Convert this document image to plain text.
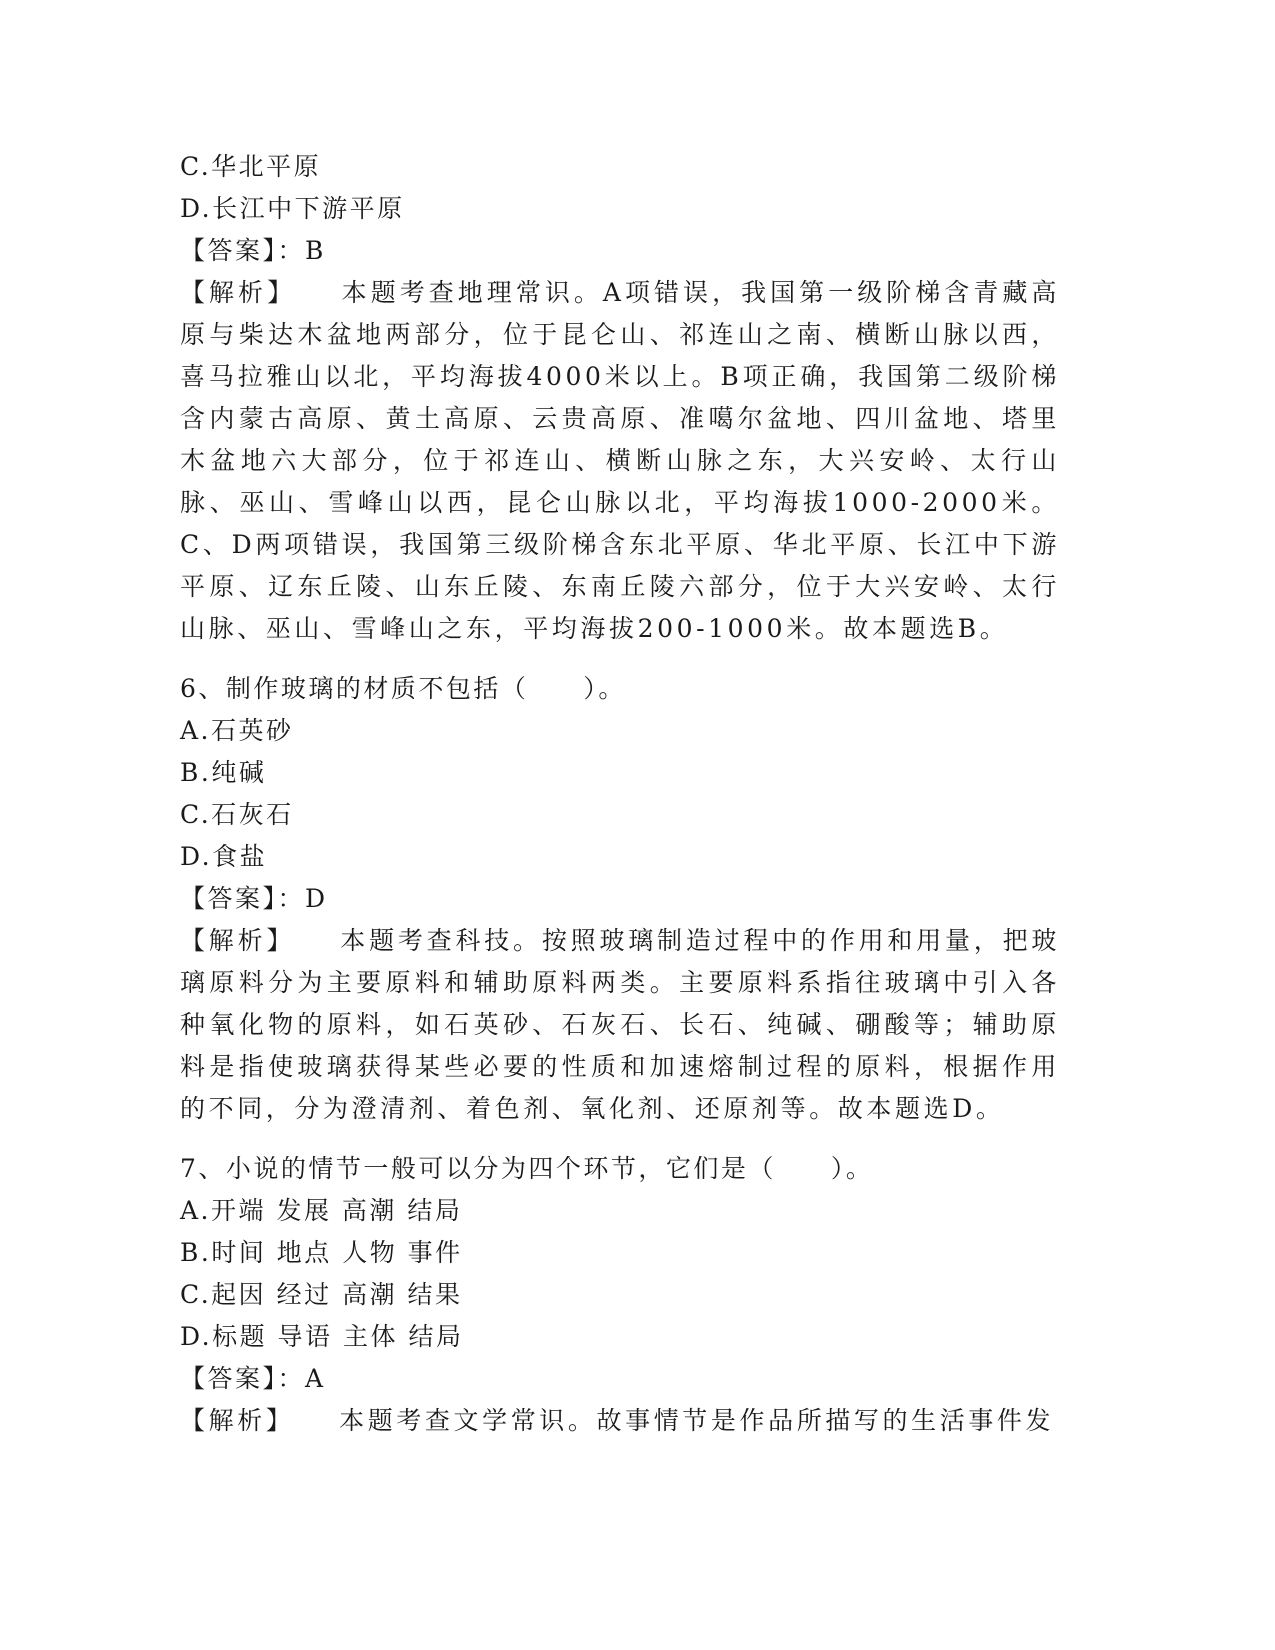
C.华北平原
D.长江中下游平原
【答案】：B
【解析】　　本题考查地理常识。A项错误，我国第一级阶梯含青藏高原与柴达木盆地两部分，位于昆仑山、祁连山之南、横断山脉以西，喜马拉雅山以北，平均海拔4000米以上。B项正确，我国第二级阶梯含内蒙古高原、黄土高原、云贵高原、准噶尔盆地、四川盆地、塔里木盆地六大部分，位于祁连山、横断山脉之东，大兴安岭、太行山脉、巫山、雪峰山以西，昆仑山脉以北，平均海拔1000-2000米。C、D两项错误，我国第三级阶梯含东北平原、华北平原、长江中下游平原、辽东丘陵、山东丘陵、东南丘陵六部分，位于大兴安岭、太行山脉、巫山、雪峰山之东，平均海拔200-1000米。故本题选B。
6、制作玻璃的材质不包括（　　）。
A.石英砂
B.纯碱
C.石灰石
D.食盐
【答案】：D
【解析】　　本题考查科技。按照玻璃制造过程中的作用和用量，把玻璃原料分为主要原料和辅助原料两类。主要原料系指往玻璃中引入各种氧化物的原料，如石英砂、石灰石、长石、纯碱、硼酸等；辅助原料是指使玻璃获得某些必要的性质和加速熔制过程的原料，根据作用的不同，分为澄清剂、着色剂、氧化剂、还原剂等。故本题选D。
7、小说的情节一般可以分为四个环节，它们是（　　）。
A.开端 发展 高潮 结局
B.时间 地点 人物 事件
C.起因 经过 高潮 结果
D.标题 导语 主体 结局
【答案】：A
【解析】　　本题考查文学常识。故事情节是作品所描写的生活事件发
